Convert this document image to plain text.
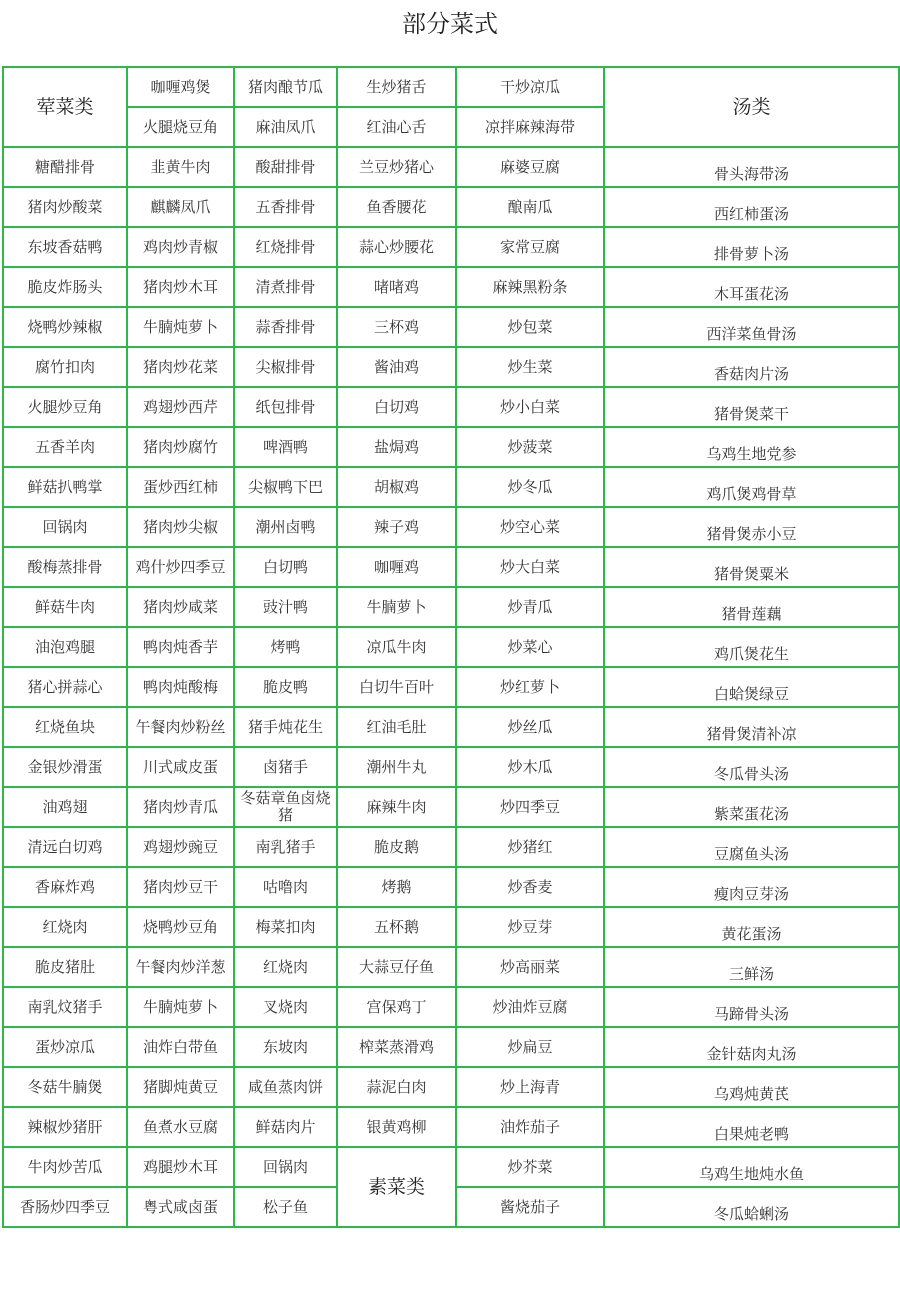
部分菜式
荤菜类	咖喱鸡煲	猪肉酿节瓜	生炒猪舌	干炒凉瓜	汤类
	火腿烧豆角	麻油凤爪	红油心舌	凉拌麻辣海带	
糖醋排骨	韭黄牛肉	酸甜排骨	兰豆炒猪心	麻婆豆腐	骨头海带汤
猪肉炒酸菜	麒麟凤爪	五香排骨	鱼香腰花	酿南瓜	西红柿蛋汤
东坡香菇鸭	鸡肉炒青椒	红烧排骨	蒜心炒腰花	家常豆腐	排骨萝卜汤
脆皮炸肠头	猪肉炒木耳	清煮排骨	啫啫鸡	麻辣黑粉条	木耳蛋花汤
烧鸭炒辣椒	牛腩炖萝卜	蒜香排骨	三杯鸡	炒包菜	西洋菜鱼骨汤
腐竹扣肉	猪肉炒花菜	尖椒排骨	酱油鸡	炒生菜	香菇肉片汤
火腿炒豆角	鸡翅炒西芹	纸包排骨	白切鸡	炒小白菜	猪骨煲菜干
五香羊肉	猪肉炒腐竹	啤酒鸭	盐焗鸡	炒菠菜	乌鸡生地党参
鲜菇扒鸭掌	蛋炒西红柿	尖椒鸭下巴	胡椒鸡	炒冬瓜	鸡爪煲鸡骨草
回锅肉	猪肉炒尖椒	潮州卤鸭	辣子鸡	炒空心菜	猪骨煲赤小豆
酸梅蒸排骨	鸡什炒四季豆	白切鸭	咖喱鸡	炒大白菜	猪骨煲粟米
鲜菇牛肉	猪肉炒咸菜	豉汁鸭	牛腩萝卜	炒青瓜	猪骨莲藕
油泡鸡腿	鸭肉炖香芋	烤鸭	凉瓜牛肉	炒菜心	鸡爪煲花生
猪心拼蒜心	鸭肉炖酸梅	脆皮鸭	白切牛百叶	炒红萝卜	白蛤煲绿豆
红烧鱼块	午餐肉炒粉丝	猪手炖花生	红油毛肚	炒丝瓜	猪骨煲清补凉
金银炒滑蛋	川式咸皮蛋	卤猪手	潮州牛丸	炒木瓜	冬瓜骨头汤
油鸡翅	猪肉炒青瓜	冬菇章鱼卤烧猪	麻辣牛肉	炒四季豆	紫菜蛋花汤
清远白切鸡	鸡翅炒豌豆	南乳猪手	脆皮鹅	炒猪红	豆腐鱼头汤
香麻炸鸡	猪肉炒豆干	咕噜肉	烤鹅	炒香麦	瘦肉豆芽汤
红烧肉	烧鸭炒豆角	梅菜扣肉	五杯鹅	炒豆芽	黄花蛋汤
脆皮猪肚	午餐肉炒洋葱	红烧肉	大蒜豆仔鱼	炒高丽菜	三鲜汤
南乳炆猪手	牛腩炖萝卜	叉烧肉	宫保鸡丁	炒油炸豆腐	马蹄骨头汤
蛋炒凉瓜	油炸白带鱼	东坡肉	榨菜蒸滑鸡	炒扁豆	金针菇肉丸汤
冬菇牛腩煲	猪脚炖黄豆	咸鱼蒸肉饼	蒜泥白肉	炒上海青	乌鸡炖黄芪
辣椒炒猪肝	鱼煮水豆腐	鲜菇肉片	银黄鸡柳	油炸茄子	白果炖老鸭
牛肉炒苦瓜	鸡腿炒木耳	回锅肉	素菜类	炒芥菜	乌鸡生地炖水鱼
香肠炒四季豆	粤式咸卤蛋	松子鱼		酱烧茄子	冬瓜蛤蜊汤
